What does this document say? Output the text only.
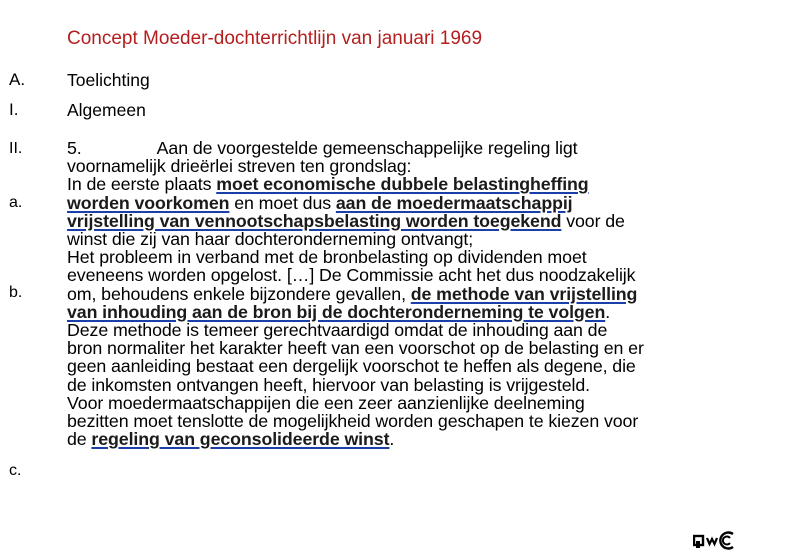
Concept Moeder-dochterrichtlijn van januari 1969
A. Toelichting
I.	Algemeen
II.
a.
b.
c.
5.	Aan de voorgestelde gemeenschappelijke regeling ligt
voornamelijk drieërlei streven ten grondslag:
In de eerste plaats moet economische dubbele belastingheffing
worden voorkomen en moet dus aan de moedermaatschappij
vrijstelling van vennootschapsbelasting worden toegekend voor de
winst die zij van haar dochteronderneming ontvangt;
Het probleem in verband met de bronbelasting op dividenden moet
eveneens worden opgelost. […] De Commissie acht het dus noodzakelijk
om, behoudens enkele bijzondere gevallen, de methode van vrijstelling
van inhouding aan de bron bij de dochteronderneming te volgen.
Deze methode is temeer gerechtvaardigd omdat de inhouding aan de
bron normaliter het karakter heeft van een voorschot op de belasting en er
geen aanleiding bestaat een dergelijk voorschot te heffen als degene, die
de inkomsten ontvangen heeft, hiervoor van belasting is vrijgesteld.
Voor moedermaatschappijen die een zeer aanzienlijke deelneming
bezitten moet tenslotte de mogelijkheid worden geschapen te kiezen voor
de regeling van geconsolideerde winst.
